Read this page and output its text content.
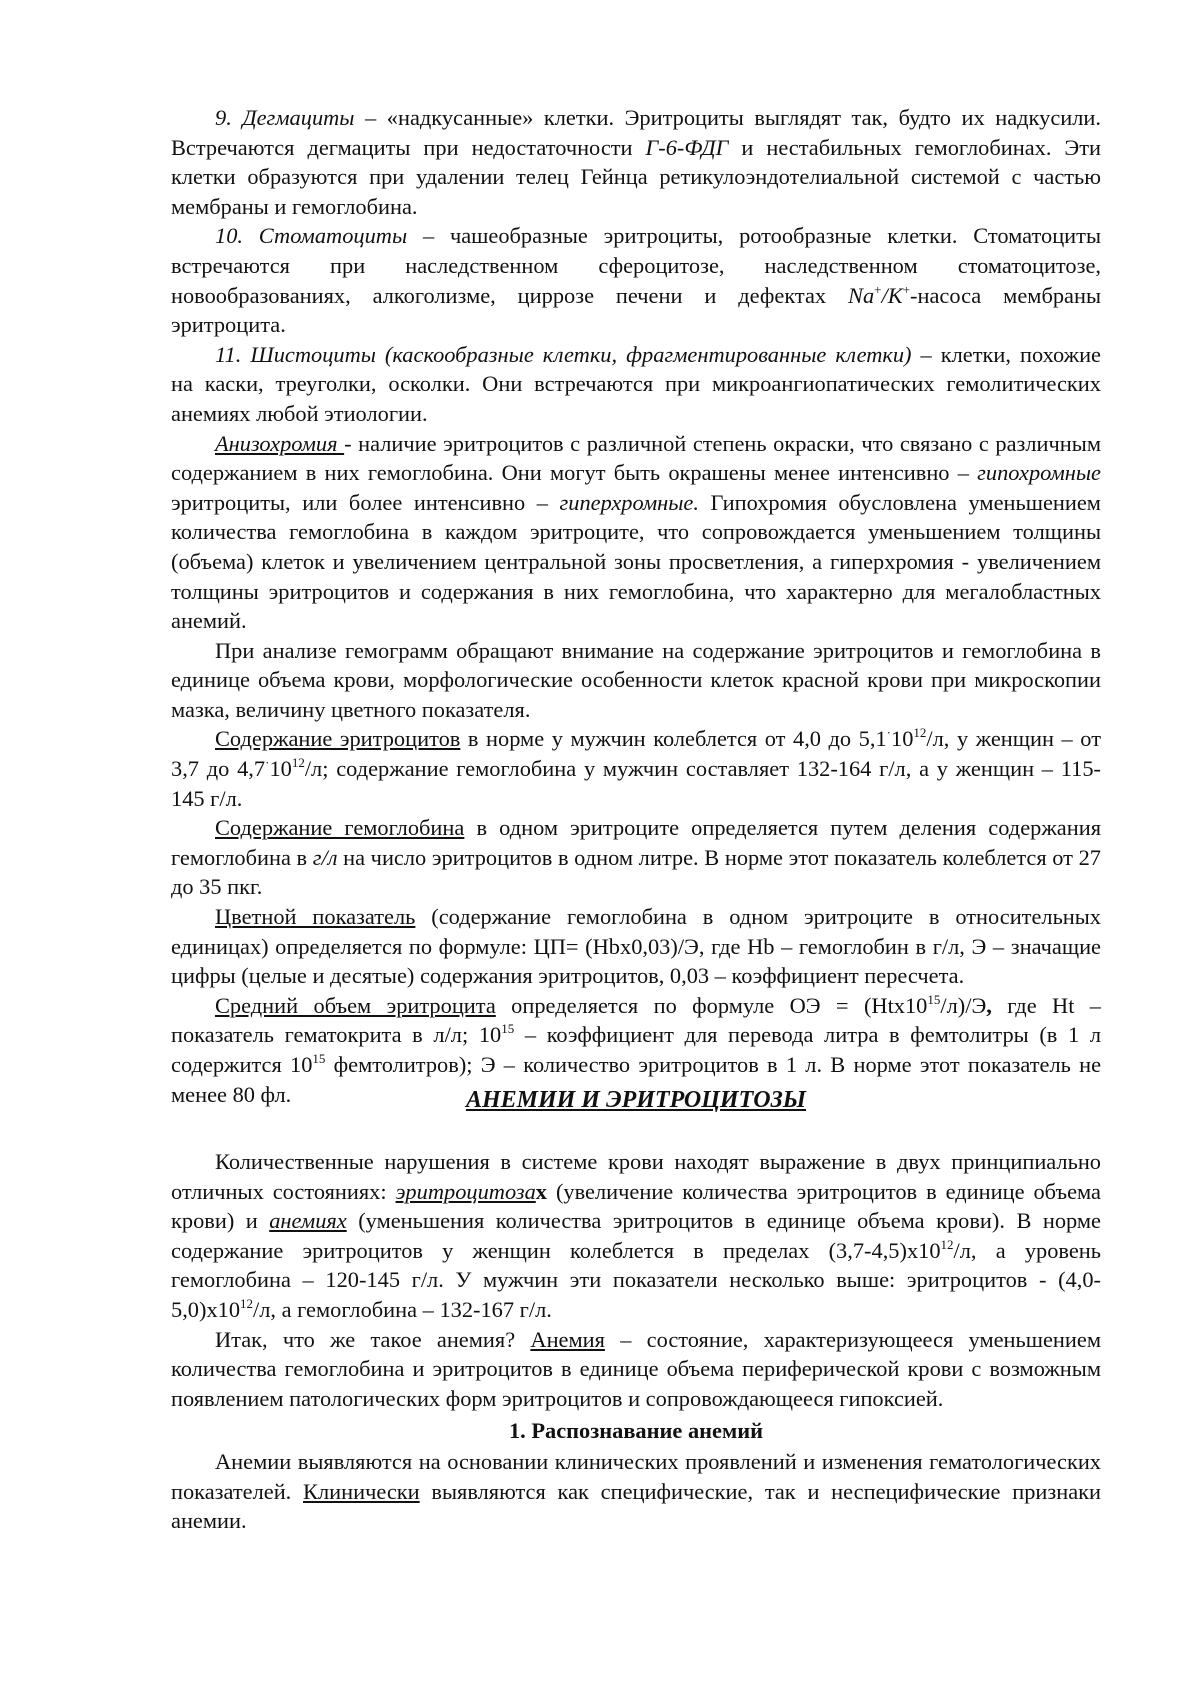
9. Дегмациты – «надкусанные» клетки. Эритроциты выглядят так, будто их надкусили. Встречаются дегмациты при недостаточности Г-6-ФДГ и нестабильных гемоглобинах. Эти клетки образуются при удалении телец Гейнца ретикулоэндотелиальной системой с частью мембраны и гемоглобина.

10. Стоматоциты – чашеобразные эритроциты, ротообразные клетки. Стоматоциты встречаются при наследственном сфероцитозе, наследственном стоматоцитозе, новообразованиях, алкоголизме, циррозе печени и дефектах Na+/K+-насоса мембраны эритроцита.

11. Шистоциты (каскообразные клетки, фрагментированные клетки) – клетки, похожие на каски, треуголки, осколки. Они встречаются при микроангиопатических гемолитических анемиях любой этиологии.

Анизохромия - наличие эритроцитов с различной степень окраски, что связано с различным содержанием в них гемоглобина. Они могут быть окрашены менее интенсивно – гипохромные эритроциты, или более интенсивно – гиперхромные. Гипохромия обусловлена уменьшением количества гемоглобина в каждом эритроците, что сопровождается уменьшением толщины (объема) клеток и увеличением центральной зоны просветления, а гиперхромия - увеличением толщины эритроцитов и содержания в них гемоглобина, что характерно для мегалобластных анемий.

При анализе гемограмм обращают внимание на содержание эритроцитов и гемоглобина в единице объема крови, морфологические особенности клеток красной крови при микроскопии мазка, величину цветного показателя.

Содержание эритроцитов в норме у мужчин колеблется от 4,0 до $5,1^\cdot 10^{12}/л$, у женщин – от 3,7 до $4,7^\cdot 10^{12}/л$; содержание гемоглобина у мужчин составляет 132-164 г/л, а у женщин – 115-145 г/л.

Содержание гемоглобина в одном эритроците определяется путем деления содержания гемоглобина в г/л на число эритроцитов в одном литре. В норме этот показатель колеблется от 27 до 35 пкг.

Цветной показатель (содержание гемоглобина в одном эритроците в относительных единицах) определяется по формуле: ЦП= (Hbх0,03)/Э, где Hb – гемоглобин в г/л, Э – значащие цифры (целые и десятые) содержания эритроцитов, 0,03 – коэффициент пересчета.

Средний объем эритроцита определяется по формуле ОЭ = $(Htх10^{15}/л)/Э$, где Ht – показатель гематокрита в л/л; $10^{15}$ – коэффициент для перевода литра в фемтолитры (в 1 л содержится $10^{15}$ фемтолитров); Э – количество эритроцитов в 1 л. В норме этот показатель не менее 80 фл.	АНЕМИИ И ЭРИТРОЦИТОЗЫ

Количественные нарушения в системе крови находят выражение в двух принципиально отличных состояниях: эритроцитозах (увеличение количества эритроцитов в единице объема крови) и анемиях (уменьшения количества эритроцитов в единице объема крови). В норме содержание эритроцитов у женщин колеблется в пределах $(3,7-4,5)х10^{12}/л$, а уровень гемоглобина – 120-145 г/л. У мужчин эти показатели несколько выше: эритроцитов - $(4,0-5,0)х10^{12}/л$, а гемоглобина – 132-167 г/л.

Итак, что же такое анемия? Анемия – состояние, характеризующееся уменьшением количества гемоглобина и эритроцитов в единице объема периферической крови с возможным появлением патологических форм эритроцитов и сопровождающееся гипоксией.

1. Распознавание анемий

Анемии выявляются на основании клинических проявлений и изменения гематологических показателей. Клинически выявляются как специфические, так и неспецифические признаки анемии.
